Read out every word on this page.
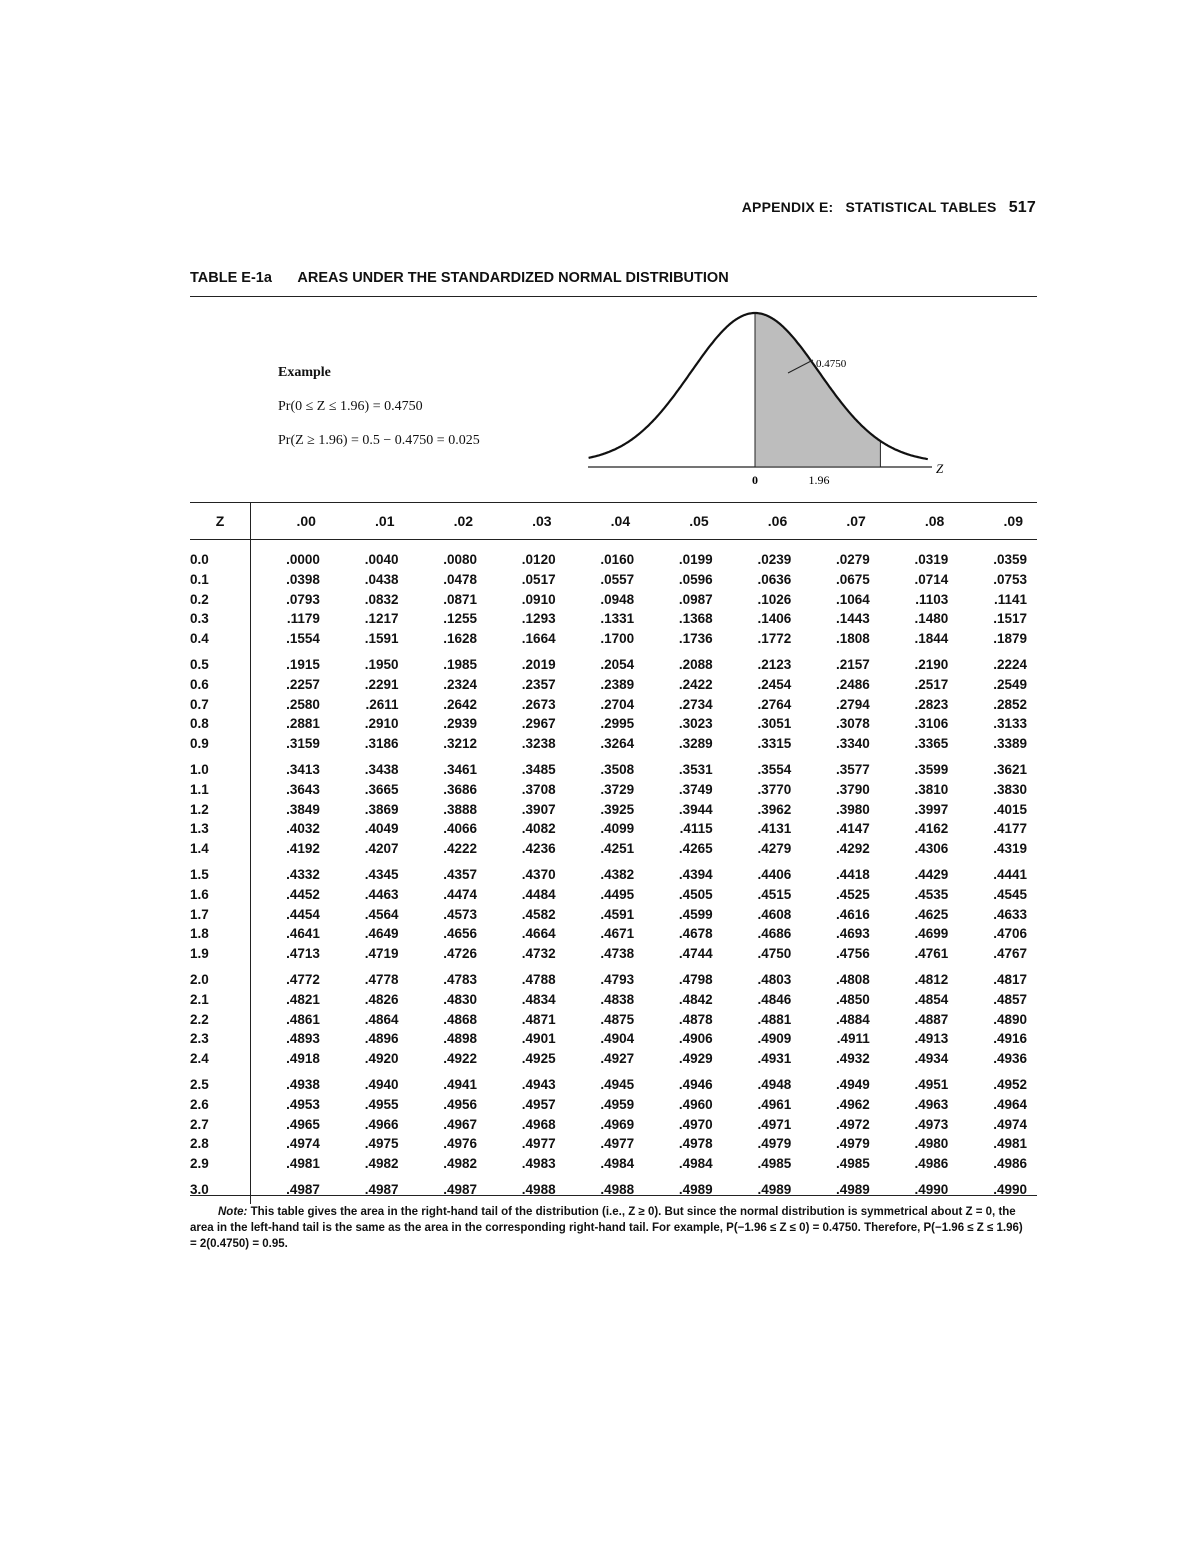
APPENDIX E: STATISTICAL TABLES 517
TABLE E-1a AREAS UNDER THE STANDARDIZED NORMAL DISTRIBUTION
Example
Pr(0 ≤ Z ≤ 1.96) = 0.4750
Pr(Z ≥ 1.96) = 0.5 − 0.4750 = 0.025
0.4750
0	1.96
Z
Z	.00	.01	.02	.03	.04	.05	.06	.07	.08	.09
0.0	.0000	.0040	.0080	.0120	.0160	.0199	.0239	.0279	.0319	.0359
0.1	.0398	.0438	.0478	.0517	.0557	.0596	.0636	.0675	.0714	.0753
0.2	.0793	.0832	.0871	.0910	.0948	.0987	.1026	.1064	.1103	.1141
0.3	.1179	.1217	.1255	.1293	.1331	.1368	.1406	.1443	.1480	.1517
0.4	.1554	.1591	.1628	.1664	.1700	.1736	.1772	.1808	.1844	.1879
0.5	.1915	.1950	.1985	.2019	.2054	.2088	.2123	.2157	.2190	.2224
0.6	.2257	.2291	.2324	.2357	.2389	.2422	.2454	.2486	.2517	.2549
0.7	.2580	.2611	.2642	.2673	.2704	.2734	.2764	.2794	.2823	.2852
0.8	.2881	.2910	.2939	.2967	.2995	.3023	.3051	.3078	.3106	.3133
0.9	.3159	.3186	.3212	.3238	.3264	.3289	.3315	.3340	.3365	.3389
1.0	.3413	.3438	.3461	.3485	.3508	.3531	.3554	.3577	.3599	.3621
1.1	.3643	.3665	.3686	.3708	.3729	.3749	.3770	.3790	.3810	.3830
1.2	.3849	.3869	.3888	.3907	.3925	.3944	.3962	.3980	.3997	.4015
1.3	.4032	.4049	.4066	.4082	.4099	.4115	.4131	.4147	.4162	.4177
1.4	.4192	.4207	.4222	.4236	.4251	.4265	.4279	.4292	.4306	.4319
1.5	.4332	.4345	.4357	.4370	.4382	.4394	.4406	.4418	.4429	.4441
1.6	.4452	.4463	.4474	.4484	.4495	.4505	.4515	.4525	.4535	.4545
1.7	.4454	.4564	.4573	.4582	.4591	.4599	.4608	.4616	.4625	.4633
1.8	.4641	.4649	.4656	.4664	.4671	.4678	.4686	.4693	.4699	.4706
1.9	.4713	.4719	.4726	.4732	.4738	.4744	.4750	.4756	.4761	.4767
2.0	.4772	.4778	.4783	.4788	.4793	.4798	.4803	.4808	.4812	.4817
2.1	.4821	.4826	.4830	.4834	.4838	.4842	.4846	.4850	.4854	.4857
2.2	.4861	.4864	.4868	.4871	.4875	.4878	.4881	.4884	.4887	.4890
2.3	.4893	.4896	.4898	.4901	.4904	.4906	.4909	.4911	.4913	.4916
2.4	.4918	.4920	.4922	.4925	.4927	.4929	.4931	.4932	.4934	.4936
2.5	.4938	.4940	.4941	.4943	.4945	.4946	.4948	.4949	.4951	.4952
2.6	.4953	.4955	.4956	.4957	.4959	.4960	.4961	.4962	.4963	.4964
2.7	.4965	.4966	.4967	.4968	.4969	.4970	.4971	.4972	.4973	.4974
2.8	.4974	.4975	.4976	.4977	.4977	.4978	.4979	.4979	.4980	.4981
2.9	.4981	.4982	.4982	.4983	.4984	.4984	.4985	.4985	.4986	.4986
3.0	.4987	.4987	.4987	.4988	.4988	.4989	.4989	.4989	.4990	.4990
Note: This table gives the area in the right-hand tail of the distribution (i.e., Z ≥ 0). But since the normal distribution is symmetrical about Z = 0, the area in the left-hand tail is the same as the area in the corresponding right-hand tail. For example, P(−1.96 ≤ Z ≤ 0) = 0.4750. Therefore, P(−1.96 ≤ Z ≤ 1.96) = 2(0.4750) = 0.95.
